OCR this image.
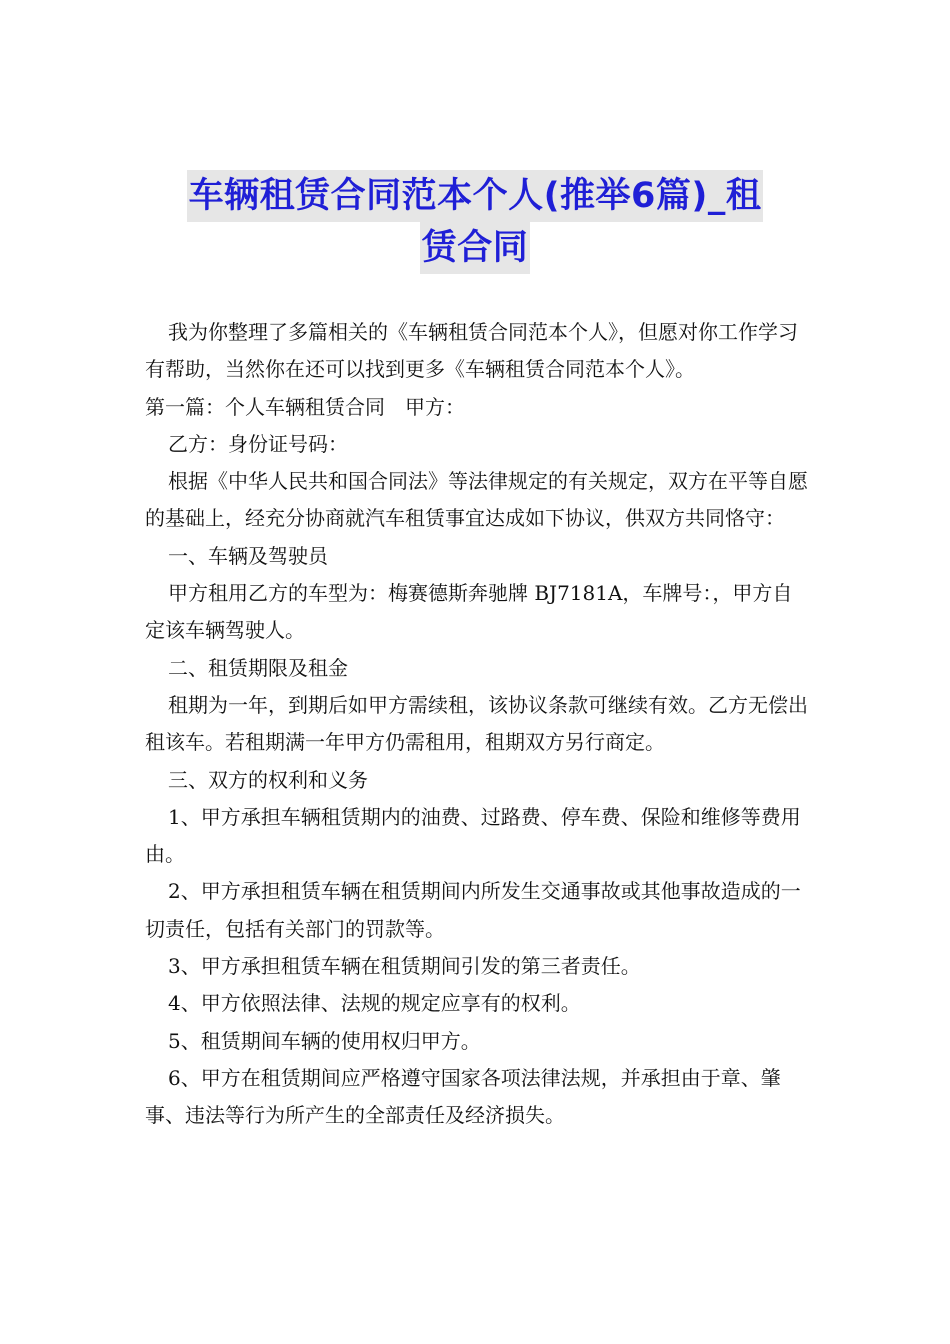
车辆租赁合同范本个人(推举6篇)_租
赁合同

我为你整理了多篇相关的《车辆租赁合同范本个人》，但愿对你工作学习有帮助，当然你在还可以找到更多《车辆租赁合同范本个人》。

第一篇：个人车辆租赁合同　甲方：

乙方：身份证号码：

根据《中华人民共和国合同法》等法律规定的有关规定，双方在平等自愿的基础上，经充分协商就汽车租赁事宜达成如下协议，供双方共同恪守：

一、车辆及驾驶员

甲方租用乙方的车型为：梅赛德斯奔驰牌 BJ7181A，车牌号：，甲方自定该车辆驾驶人。

二、租赁期限及租金

租期为一年，到期后如甲方需续租，该协议条款可继续有效。乙方无偿出租该车。若租期满一年甲方仍需租用，租期双方另行商定。

三、双方的权利和义务

1、甲方承担车辆租赁期内的油费、过路费、停车费、保险和维修等费用由。

2、甲方承担租赁车辆在租赁期间内所发生交通事故或其他事故造成的一切责任，包括有关部门的罚款等。

3、甲方承担租赁车辆在租赁期间引发的第三者责任。

4、甲方依照法律、法规的规定应享有的权利。

5、租赁期间车辆的使用权归甲方。

6、甲方在租赁期间应严格遵守国家各项法律法规，并承担由于章、肇事、违法等行为所产生的全部责任及经济损失。
